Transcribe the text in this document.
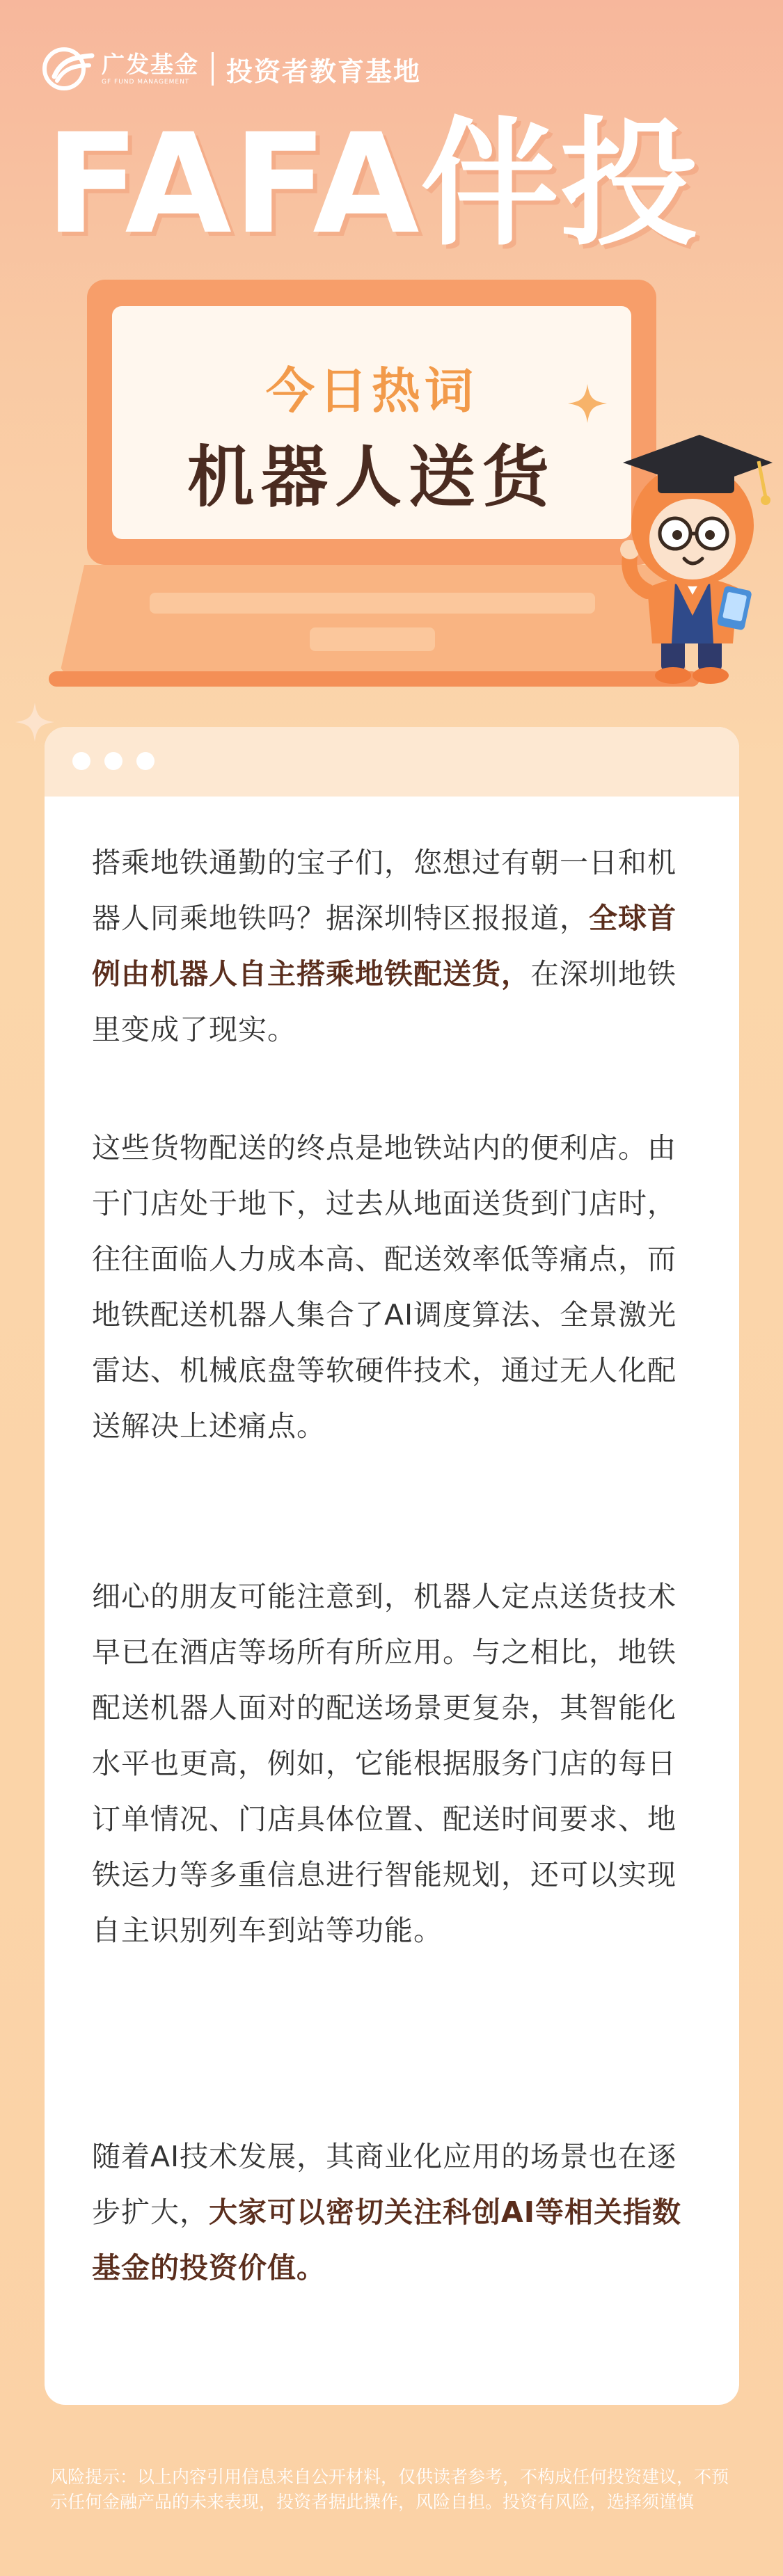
广发基金
GF FUND MANAGEMENT	投资者教育基地
FAFA伴投
今日热词
机器人送货
搭乘地铁通勤的宝子们，您想过有朝一日和机器人同乘地铁吗？据深圳特区报报道，全球首例由机器人自主搭乘地铁配送货，在深圳地铁里变成了现实。
这些货物配送的终点是地铁站内的便利店。由于门店处于地下，过去从地面送货到门店时，往往面临人力成本高、配送效率低等痛点，而地铁配送机器人集合了AI调度算法、全景激光雷达、机械底盘等软硬件技术，通过无人化配送解决上述痛点。
细心的朋友可能注意到，机器人定点送货技术早已在酒店等场所有所应用。与之相比，地铁配送机器人面对的配送场景更复杂，其智能化水平也更高，例如，它能根据服务门店的每日订单情况、门店具体位置、配送时间要求、地铁运力等多重信息进行智能规划，还可以实现自主识别列车到站等功能。
随着AI技术发展，其商业化应用的场景也在逐步扩大，大家可以密切关注科创AI等相关指数基金的投资价值。
风险提示：以上内容引用信息来自公开材料，仅供读者参考，不构成任何投资建议，不预示任何金融产品的未来表现，投资者据此操作，风险自担。投资有风险，选择须谨慎
